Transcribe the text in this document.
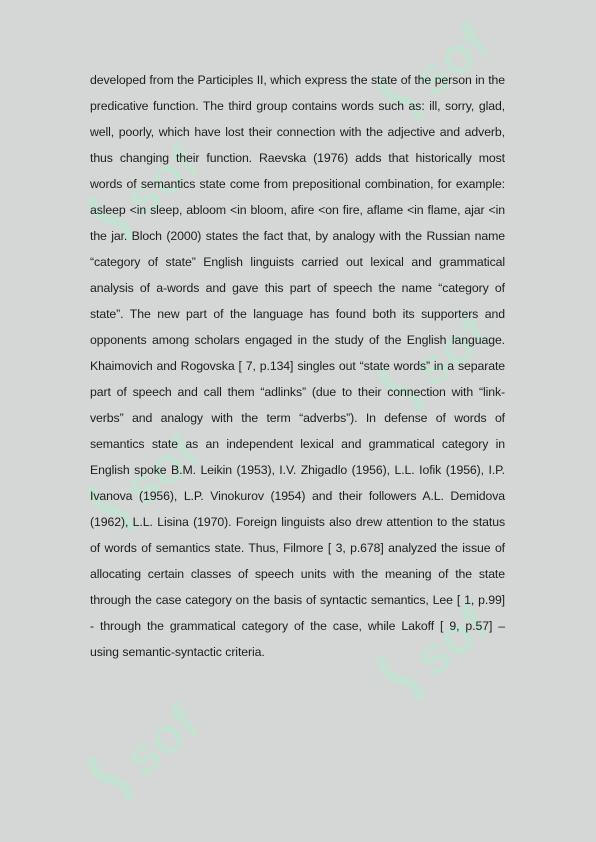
sof
sof
sof
sof
sof
sof

developed from the Participles II, which express the state of the person in the predicative function. The third group contains words such as: ill, sorry, glad, well, poorly, which have lost their connection with the adjective and adverb, thus changing their function. Raevska (1976) adds that historically most words of semantics state come from prepositional combination, for example: asleep <in sleep, abloom <in bloom, afire <on fire, aflame <in flame, ajar <in the jar. Bloch (2000) states the fact that, by analogy with the Russian name “category of state” English linguists carried out lexical and grammatical analysis of a-words and gave this part of speech the name “category of state”. The new part of the language has found both its supporters and opponents among scholars engaged in the study of the English language. Khaimovich and Rogovska [ 7, p.134] singles out “state words” in a separate part of speech and call them “adlinks” (due to their connection with “link-verbs” and analogy with the term “adverbs”). In defense of words of semantics state as an independent lexical and grammatical category in English spoke B.M. Leikin (1953), I.V. Zhigadlo (1956), L.L. Iofik (1956), I.P. Ivanova (1956), L.P. Vinokurov (1954) and their followers A.L. Demidova (1962), L.L. Lisina (1970). Foreign linguists also drew attention to the status of words of semantics state. Thus, Filmore [ 3, p.678] analyzed the issue of allocating certain classes of speech units with the meaning of the state through the case category on the basis of syntactic semantics, Lee [ 1, p.99] - through the grammatical category of the case, while Lakoff [ 9, p.57] – using semantic-syntactic criteria.
